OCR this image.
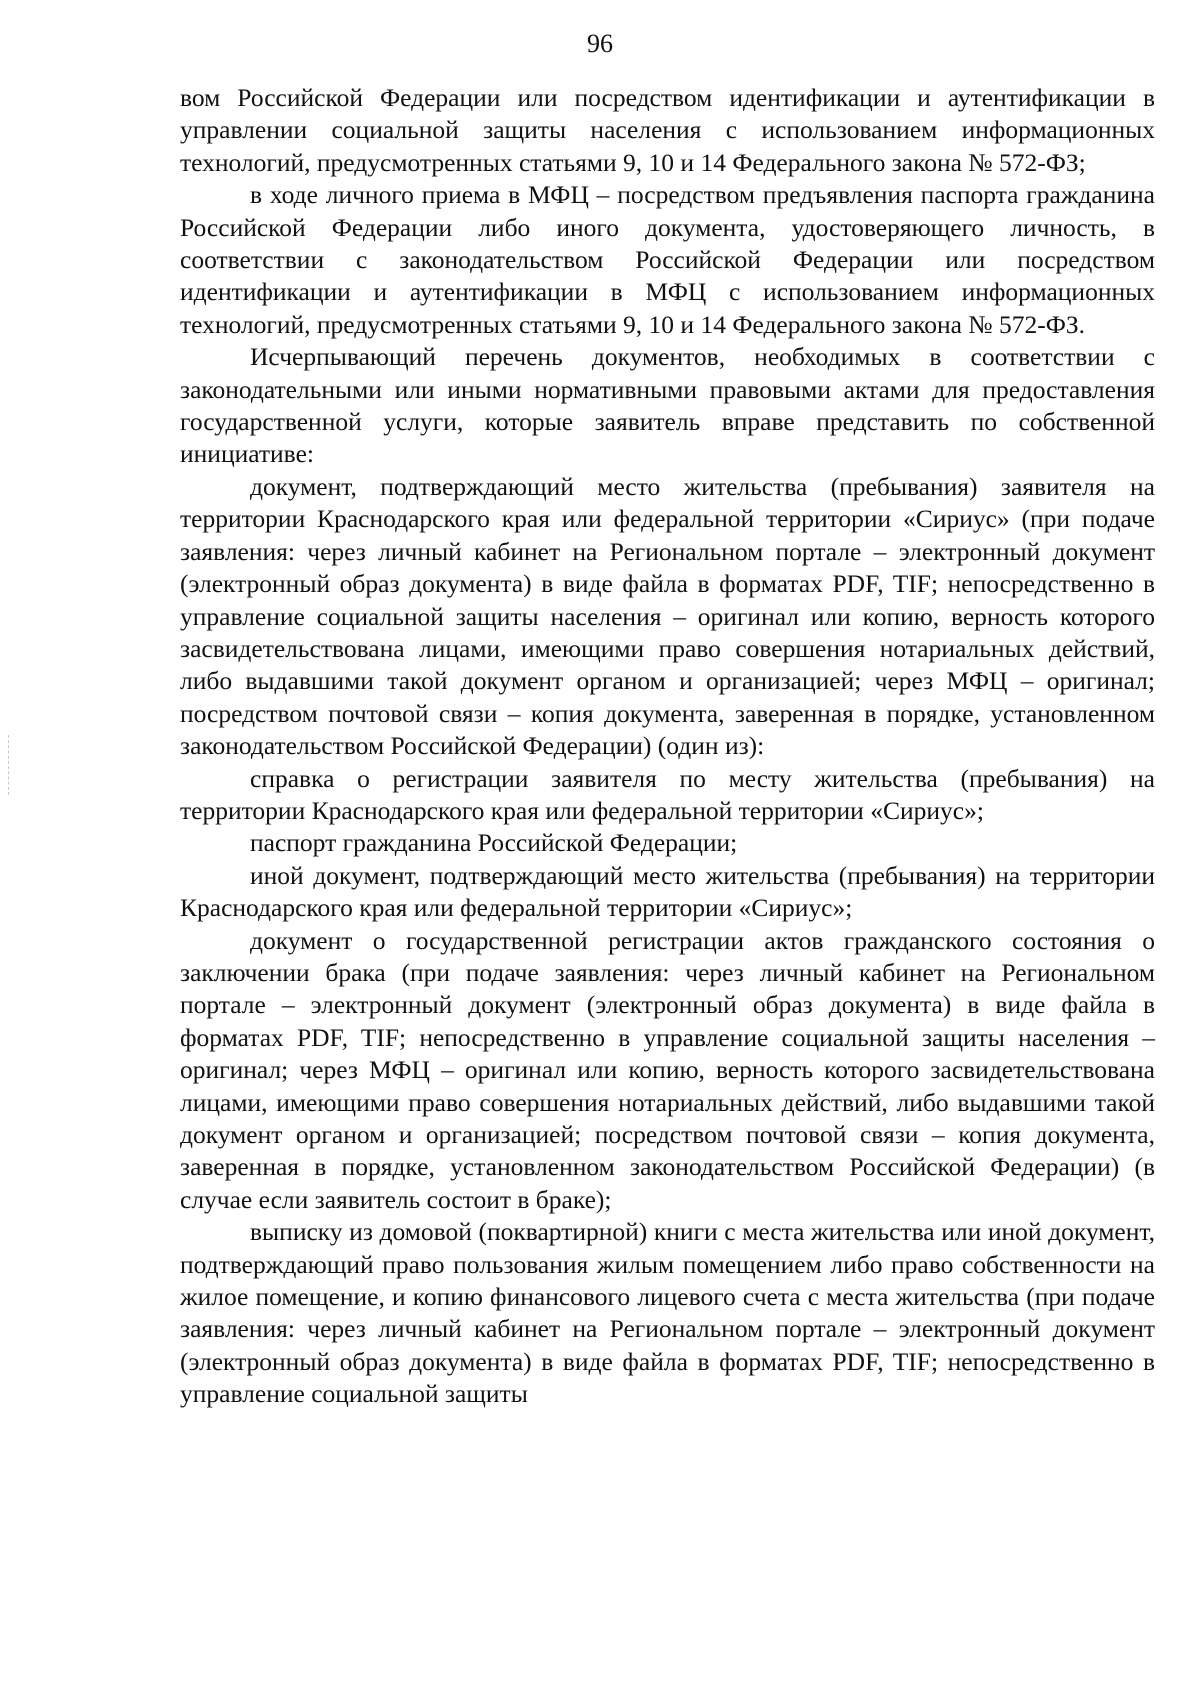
96

вом Российской Федерации или посредством идентификации и аутентификации в управлении социальной защиты населения с использованием информационных технологий, предусмотренных статьями 9, 10 и 14 Федерального закона № 572-ФЗ;

в ходе личного приема в МФЦ – посредством предъявления паспорта гражданина Российской Федерации либо иного документа, удостоверяющего личность, в соответствии с законодательством Российской Федерации или посредством идентификации и аутентификации в МФЦ с использованием информационных технологий, предусмотренных статьями 9, 10 и 14 Федерального закона № 572-ФЗ.

Исчерпывающий перечень документов, необходимых в соответствии с законодательными или иными нормативными правовыми актами для предоставления государственной услуги, которые заявитель вправе представить по собственной инициативе:

документ, подтверждающий место жительства (пребывания) заявителя на территории Краснодарского края или федеральной территории «Сириус» (при подаче заявления: через личный кабинет на Региональном портале – электронный документ (электронный образ документа) в виде файла в форматах PDF, TIF; непосредственно в управление социальной защиты населения – оригинал или копию, верность которого засвидетельствована лицами, имеющими право совершения нотариальных действий, либо выдавшими такой документ органом и организацией; через МФЦ – оригинал; посредством почтовой связи – копия документа, заверенная в порядке, установленном законодательством Российской Федерации) (один из):

справка о регистрации заявителя по месту жительства (пребывания) на территории Краснодарского края или федеральной территории «Сириус»;

паспорт гражданина Российской Федерации;

иной документ, подтверждающий место жительства (пребывания) на территории Краснодарского края или федеральной территории «Сириус»;

документ о государственной регистрации актов гражданского состояния о заключении брака (при подаче заявления: через личный кабинет на Региональном портале – электронный документ (электронный образ документа) в виде файла в форматах PDF, TIF; непосредственно в управление социальной защиты населения – оригинал; через МФЦ – оригинал или копию, верность которого засвидетельствована лицами, имеющими право совершения нотариальных действий, либо выдавшими такой документ органом и организацией; посредством почтовой связи – копия документа, заверенная в порядке, установленном законодательством Российской Федерации) (в случае если заявитель состоит в браке);

выписку из домовой (поквартирной) книги с места жительства или иной документ, подтверждающий право пользования жилым помещением либо право собственности на жилое помещение, и копию финансового лицевого счета с места жительства (при подаче заявления: через личный кабинет на Региональном портале – электронный документ (электронный образ документа) в виде файла в форматах PDF, TIF; непосредственно в управление социальной защиты
